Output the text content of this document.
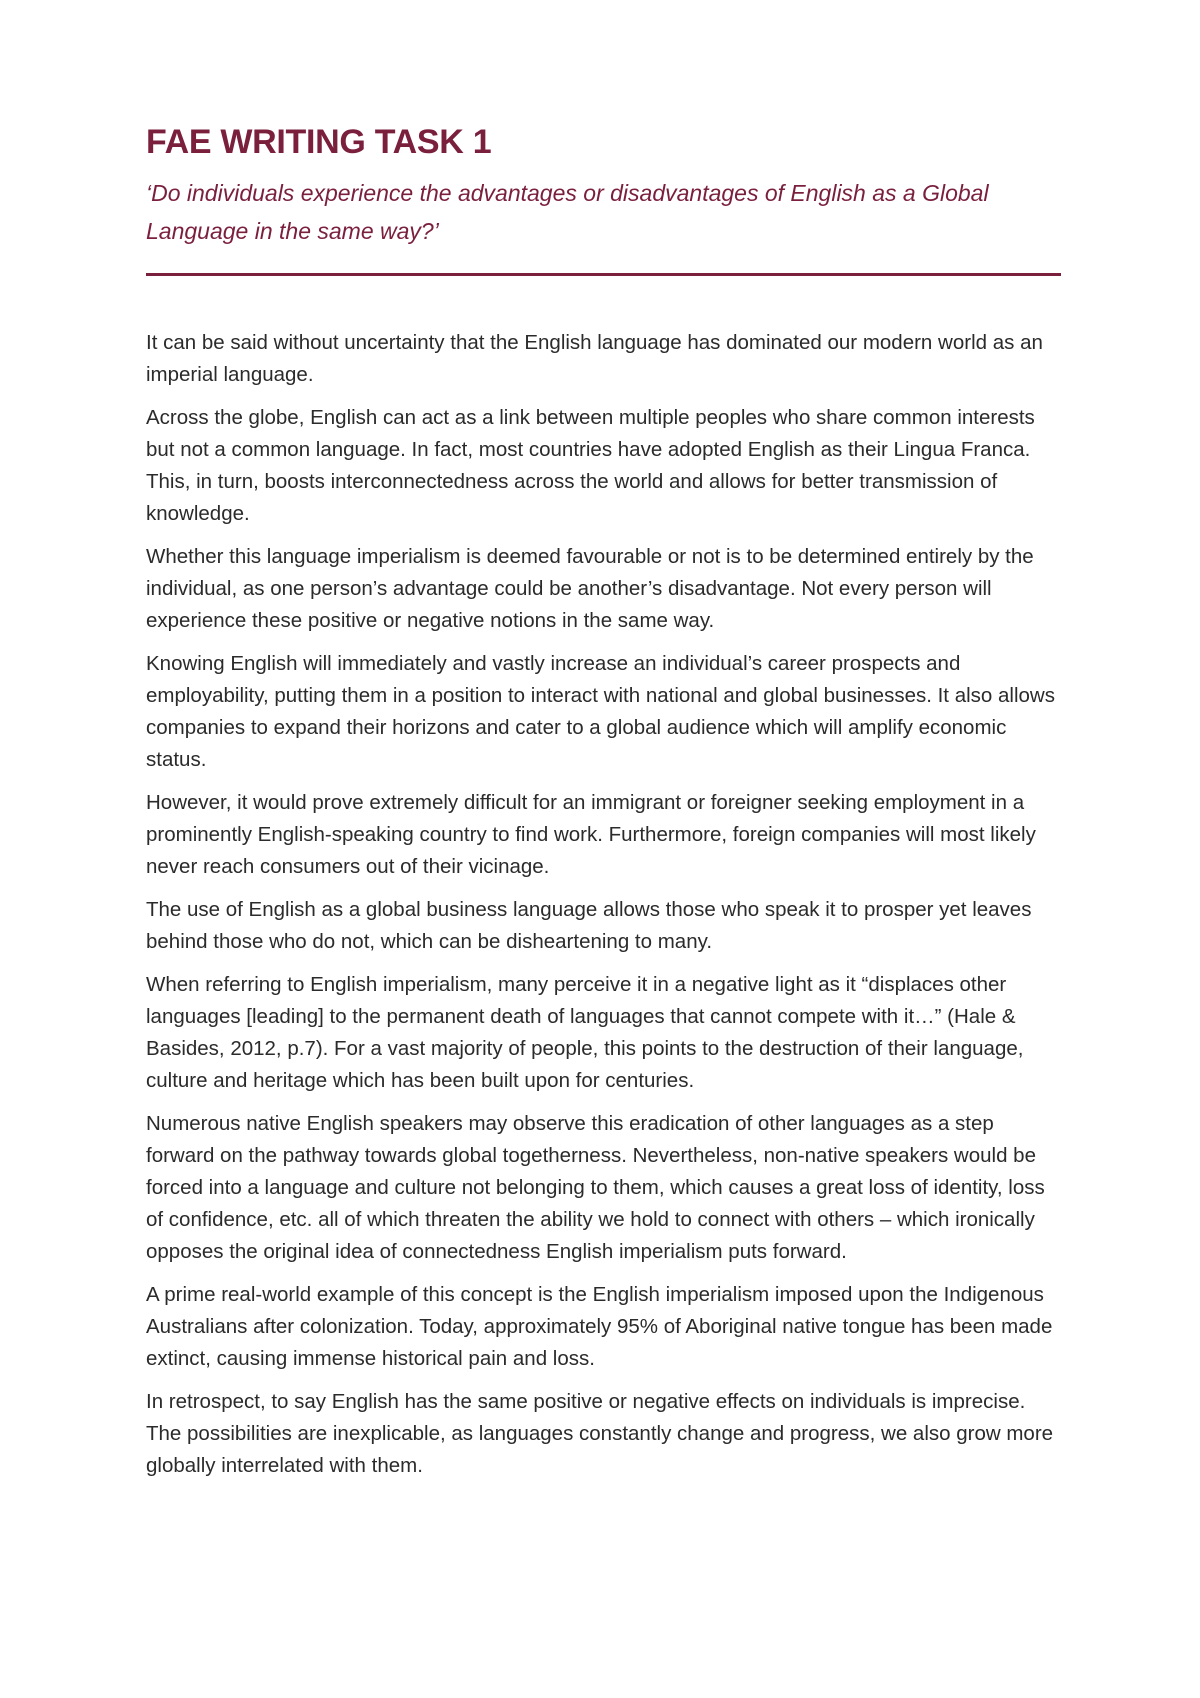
FAE WRITING TASK 1

‘Do individuals experience the advantages or disadvantages of English as a Global Language in the same way?’

It can be said without uncertainty that the English language has dominated our modern world as an imperial language.

Across the globe, English can act as a link between multiple peoples who share common interests but not a common language. In fact, most countries have adopted English as their Lingua Franca. This, in turn, boosts interconnectedness across the world and allows for better transmission of knowledge.

Whether this language imperialism is deemed favourable or not is to be determined entirely by the individual, as one person’s advantage could be another’s disadvantage. Not every person will experience these positive or negative notions in the same way.

Knowing English will immediately and vastly increase an individual’s career prospects and employability, putting them in a position to interact with national and global businesses. It also allows companies to expand their horizons and cater to a global audience which will amplify economic status.

However, it would prove extremely difficult for an immigrant or foreigner seeking employment in a prominently English-speaking country to find work. Furthermore, foreign companies will most likely never reach consumers out of their vicinage.

The use of English as a global business language allows those who speak it to prosper yet leaves behind those who do not, which can be disheartening to many.

When referring to English imperialism, many perceive it in a negative light as it “displaces other languages [leading] to the permanent death of languages that cannot compete with it…” (Hale & Basides, 2012, p.7). For a vast majority of people, this points to the destruction of their language, culture and heritage which has been built upon for centuries.

Numerous native English speakers may observe this eradication of other languages as a step forward on the pathway towards global togetherness. Nevertheless, non-native speakers would be forced into a language and culture not belonging to them, which causes a great loss of identity, loss of confidence, etc. all of which threaten the ability we hold to connect with others – which ironically opposes the original idea of connectedness English imperialism puts forward.

A prime real-world example of this concept is the English imperialism imposed upon the Indigenous Australians after colonization. Today, approximately 95% of Aboriginal native tongue has been made extinct, causing immense historical pain and loss.

In retrospect, to say English has the same positive or negative effects on individuals is imprecise. The possibilities are inexplicable, as languages constantly change and progress, we also grow more globally interrelated with them.
